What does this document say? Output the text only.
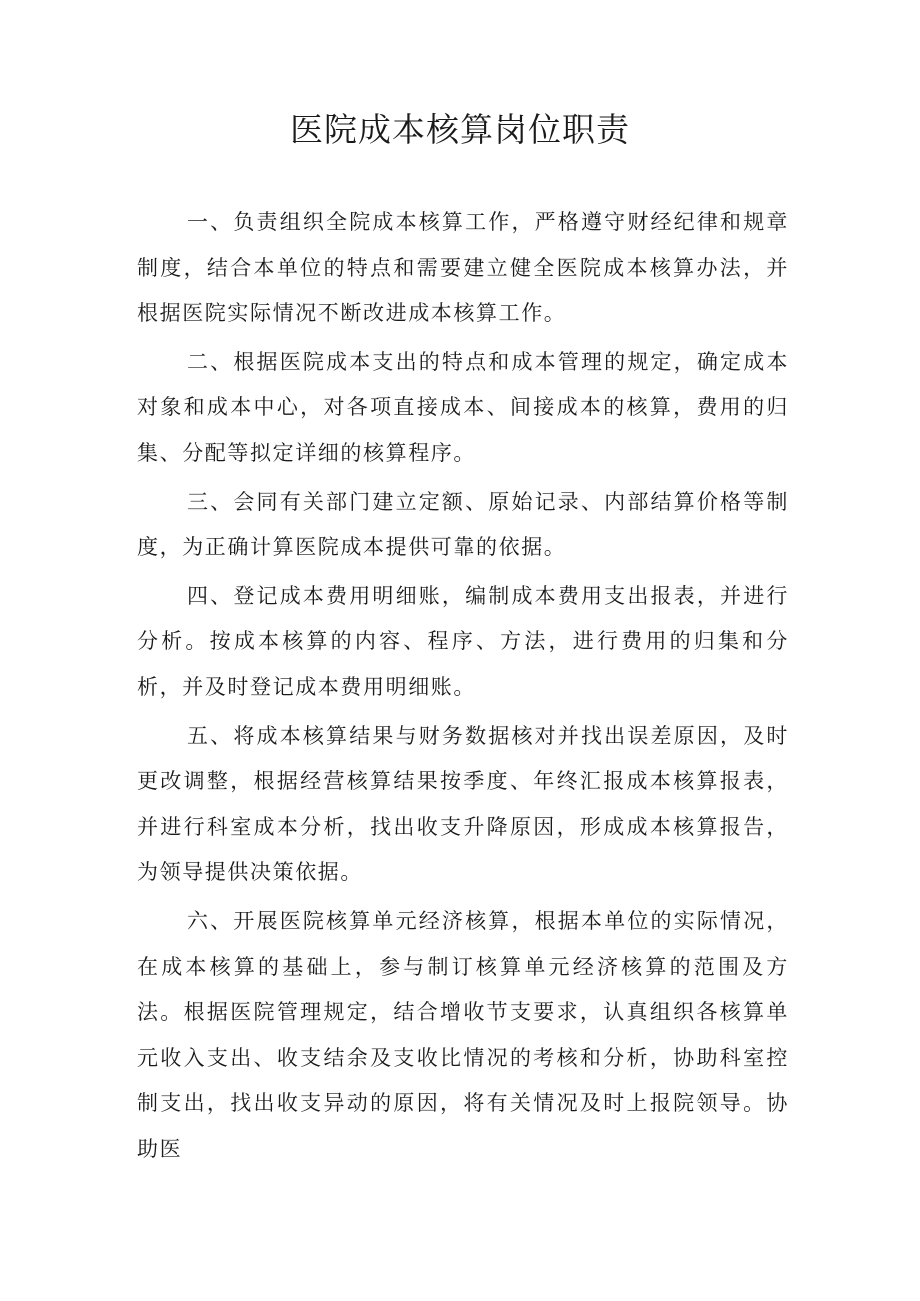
医院成本核算岗位职责

一、负责组织全院成本核算工作，严格遵守财经纪律和规章制度，结合本单位的特点和需要建立健全医院成本核算办法，并根据医院实际情况不断改进成本核算工作。

二、根据医院成本支出的特点和成本管理的规定，确定成本对象和成本中心，对各项直接成本、间接成本的核算，费用的归集、分配等拟定详细的核算程序。

三、会同有关部门建立定额、原始记录、内部结算价格等制度，为正确计算医院成本提供可靠的依据。

四、登记成本费用明细账，编制成本费用支出报表，并进行分析。按成本核算的内容、程序、方法，进行费用的归集和分析，并及时登记成本费用明细账。

五、将成本核算结果与财务数据核对并找出误差原因，及时更改调整，根据经营核算结果按季度、年终汇报成本核算报表，并进行科室成本分析，找出收支升降原因，形成成本核算报告，为领导提供决策依据。

六、开展医院核算单元经济核算，根据本单位的实际情况，在成本核算的基础上，参与制订核算单元经济核算的范围及方法。根据医院管理规定，结合增收节支要求，认真组织各核算单元收入支出、收支结余及支收比情况的考核和分析，协助科室控制支出，找出收支异动的原因，将有关情况及时上报院领导。协助医
